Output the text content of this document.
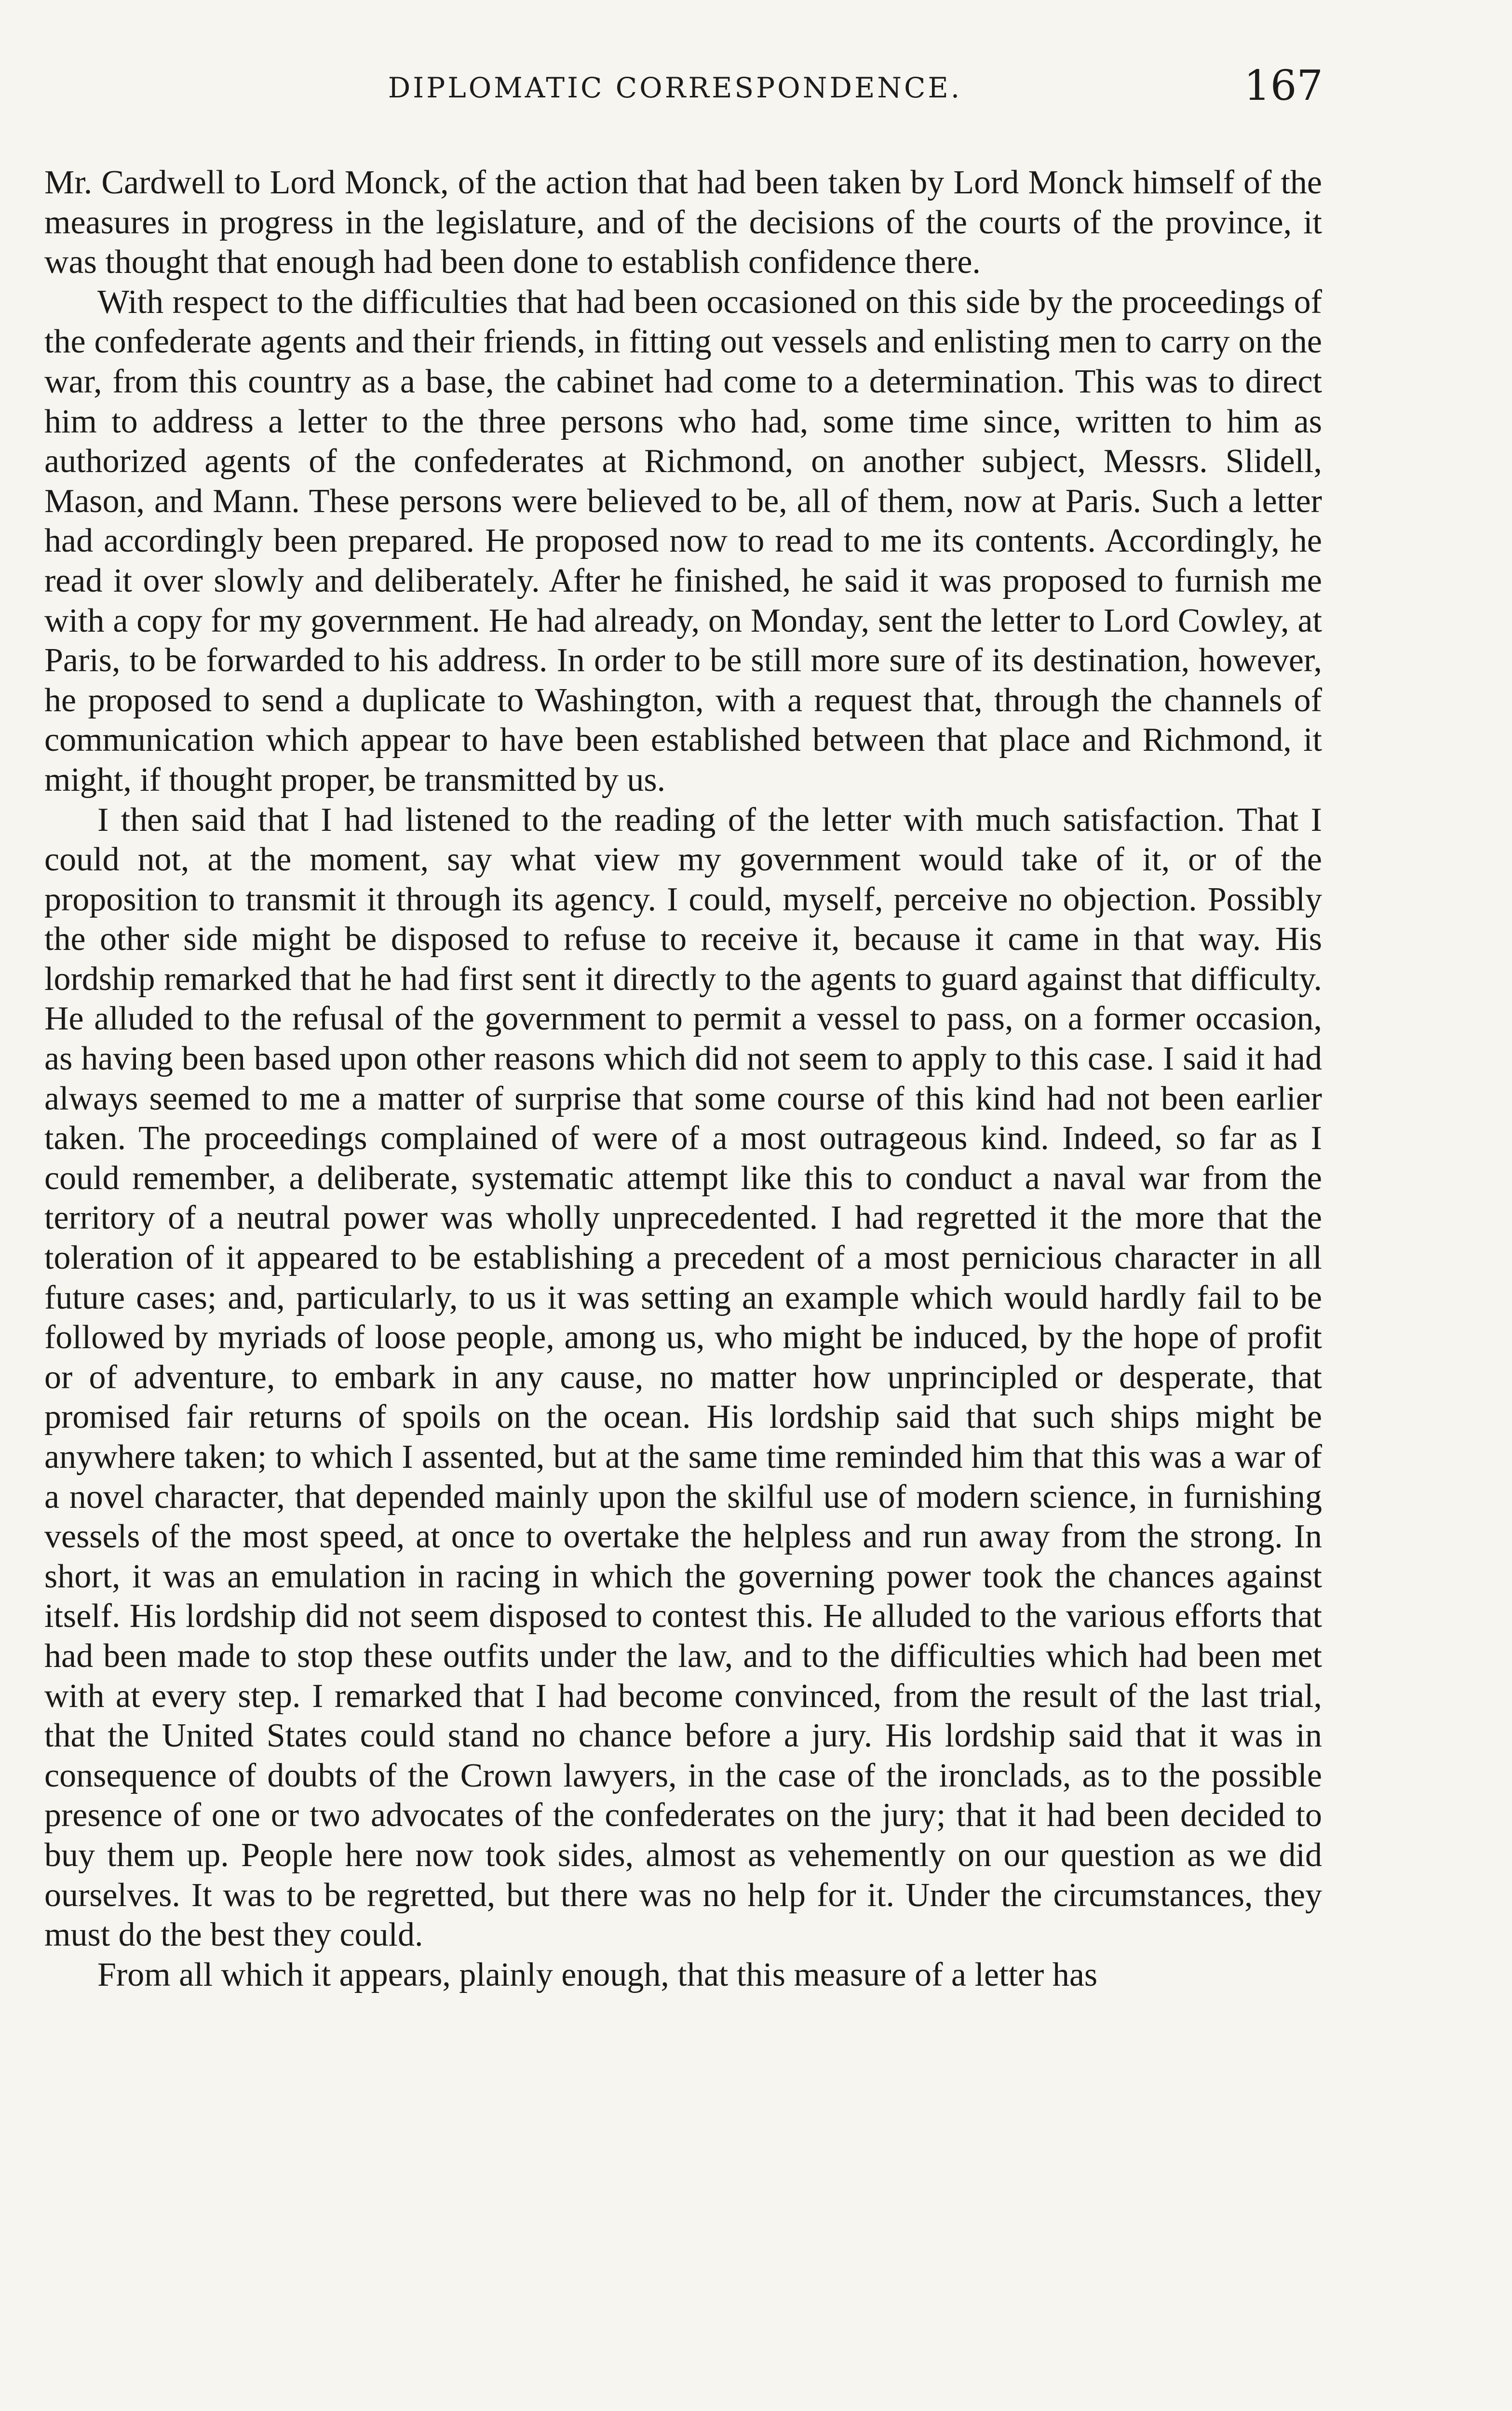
DIPLOMATIC CORRESPONDENCE.	167

Mr. Cardwell to Lord Monck, of the action that had been taken by Lord Monck himself of the measures in progress in the legislature, and of the decisions of the courts of the province, it was thought that enough had been done to establish confidence there.

With respect to the difficulties that had been occasioned on this side by the proceedings of the confederate agents and their friends, in fitting out vessels and enlisting men to carry on the war, from this country as a base, the cabinet had come to a determination. This was to direct him to address a letter to the three persons who had, some time since, written to him as authorized agents of the confederates at Richmond, on another subject, Messrs. Slidell, Mason, and Mann. These persons were believed to be, all of them, now at Paris. Such a letter had accordingly been prepared. He proposed now to read to me its contents. Accordingly, he read it over slowly and deliberately. After he finished, he said it was proposed to furnish me with a copy for my government. He had already, on Monday, sent the letter to Lord Cowley, at Paris, to be forwarded to his address. In order to be still more sure of its destination, however, he proposed to send a duplicate to Washington, with a request that, through the channels of communication which appear to have been established between that place and Richmond, it might, if thought proper, be transmitted by us.

I then said that I had listened to the reading of the letter with much satisfaction. That I could not, at the moment, say what view my government would take of it, or of the proposition to transmit it through its agency. I could, myself, perceive no objection. Possibly the other side might be disposed to refuse to receive it, because it came in that way. His lordship remarked that he had first sent it directly to the agents to guard against that difficulty. He alluded to the refusal of the government to permit a vessel to pass, on a former occasion, as having been based upon other reasons which did not seem to apply to this case. I said it had always seemed to me a matter of surprise that some course of this kind had not been earlier taken. The proceedings complained of were of a most outrageous kind. Indeed, so far as I could remember, a deliberate, systematic attempt like this to conduct a naval war from the territory of a neutral power was wholly unprecedented. I had regretted it the more that the toleration of it appeared to be establishing a precedent of a most pernicious character in all future cases; and, particularly, to us it was setting an example which would hardly fail to be followed by myriads of loose people, among us, who might be induced, by the hope of profit or of adventure, to embark in any cause, no matter how unprincipled or desperate, that promised fair returns of spoils on the ocean. His lordship said that such ships might be anywhere taken; to which I assented, but at the same time reminded him that this was a war of a novel character, that depended mainly upon the skilful use of modern science, in furnishing vessels of the most speed, at once to overtake the helpless and run away from the strong. In short, it was an emulation in racing in which the governing power took the chances against itself. His lordship did not seem disposed to contest this. He alluded to the various efforts that had been made to stop these outfits under the law, and to the difficulties which had been met with at every step. I remarked that I had become convinced, from the result of the last trial, that the United States could stand no chance before a jury. His lordship said that it was in consequence of doubts of the Crown lawyers, in the case of the ironclads, as to the possible presence of one or two advocates of the confederates on the jury; that it had been decided to buy them up. People here now took sides, almost as vehemently on our question as we did ourselves. It was to be regretted, but there was no help for it. Under the circumstances, they must do the best they could.

From all which it appears, plainly enough, that this measure of a letter has
